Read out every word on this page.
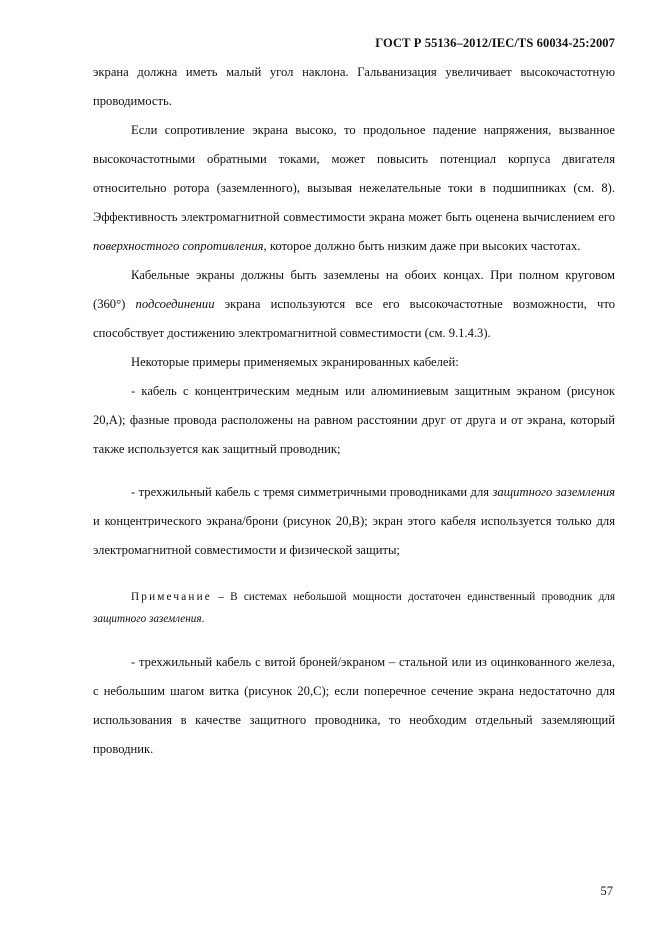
ГОСТ Р 55136–2012/IEC/TS 60034-25:2007

экрана должна иметь малый угол наклона. Гальванизация увеличивает высокочастотную проводимость.

Если сопротивление экрана высоко, то продольное падение напряжения, вызванное высокочастотными обратными токами, может повысить потенциал корпуса двигателя относительно ротора (заземленного), вызывая нежелательные токи в подшипниках (см. 8). Эффективность электромагнитной совместимости экрана может быть оценена вычислением его поверхностного сопротивления, которое должно быть низким даже при высоких частотах.

Кабельные экраны должны быть заземлены на обоих концах. При полном круговом (360°) подсоединении экрана используются все его высокочастотные возможности, что способствует достижению электромагнитной совместимости (см. 9.1.4.3).

Некоторые примеры применяемых экранированных кабелей:

- кабель с концентрическим медным или алюминиевым защитным экраном (рисунок 20,A); фазные провода расположены на равном расстоянии друг от друга и от экрана, который также используется как защитный проводник;

- трехжильный кабель с тремя симметричными проводниками для защитного заземления и концентрического экрана/брони (рисунок 20,B); экран этого кабеля используется только для электромагнитной совместимости и физической защиты;

Примечание – В системах небольшой мощности достаточен единственный проводник для защитного заземления.

- трехжильный кабель с витой броней/экраном – стальной или из оцинкованного железа, с небольшим шагом витка (рисунок 20,C); если поперечное сечение экрана недостаточно для использования в качестве защитного проводника, то необходим отдельный заземляющий проводник.

57
